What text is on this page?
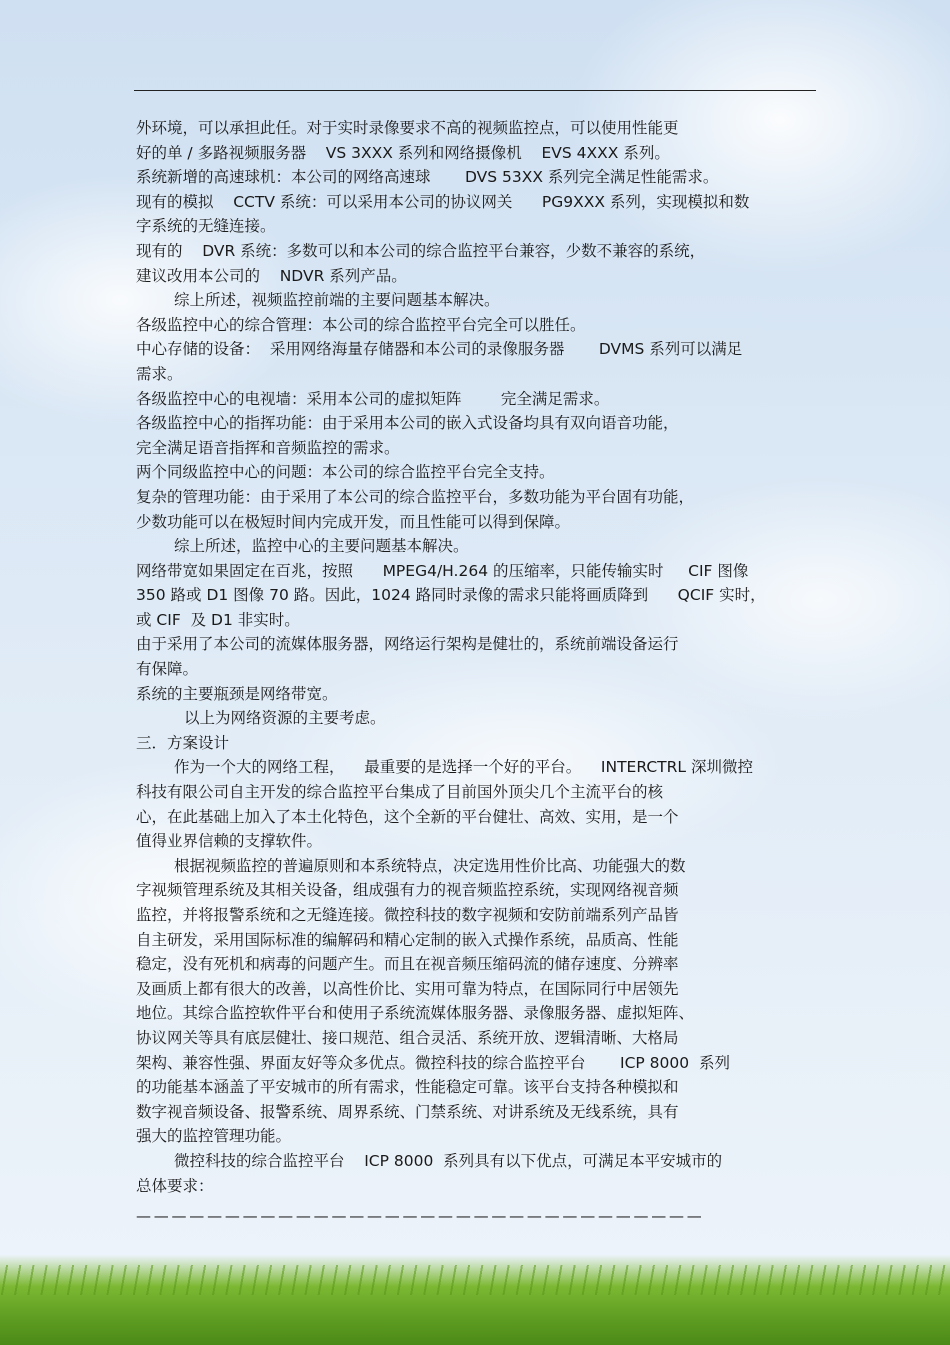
外环境，可以承担此任。对于实时录像要求不高的视频监控点，可以使用性能更

好的单 / 多路视频服务器    VS 3XXX 系列和网络摄像机    EVS 4XXX 系列。

系统新增的高速球机：本公司的网络高速球       DVS 53XX 系列完全满足性能需求。

现有的模拟    CCTV 系统：可以采用本公司的协议网关      PG9XXX 系列，实现模拟和数

字系统的无缝连接。

现有的    DVR 系统：多数可以和本公司的综合监控平台兼容，少数不兼容的系统，

建议改用本公司的    NDVR 系列产品。

综上所述，视频监控前端的主要问题基本解决。

各级监控中心的综合管理：本公司的综合监控平台完全可以胜任。

中心存储的设备：  采用网络海量存储器和本公司的录像服务器       DVMS 系列可以满足

需求。

各级监控中心的电视墙：采用本公司的虚拟矩阵        完全满足需求。

各级监控中心的指挥功能：由于采用本公司的嵌入式设备均具有双向语音功能，

完全满足语音指挥和音频监控的需求。

两个同级监控中心的问题：本公司的综合监控平台完全支持。

复杂的管理功能：由于采用了本公司的综合监控平台，多数功能为平台固有功能，

少数功能可以在极短时间内完成开发，而且性能可以得到保障。

综上所述，监控中心的主要问题基本解决。

网络带宽如果固定在百兆，按照      MPEG4/H.264 的压缩率，只能传输实时     CIF 图像

350 路或 D1 图像 70 路。因此，1024 路同时录像的需求只能将画质降到      QCIF 实时，

或 CIF  及 D1 非实时。

由于采用了本公司的流媒体服务器，网络运行架构是健壮的，系统前端设备运行

有保障。

系统的主要瓶颈是网络带宽。

以上为网络资源的主要考虑。

三．方案设计

作为一个大的网络工程，    最重要的是选择一个好的平台。    INTERCTRL 深圳微控

科技有限公司自主开发的综合监控平台集成了目前国外顶尖几个主流平台的核

心，在此基础上加入了本土化特色，这个全新的平台健壮、高效、实用，是一个

值得业界信赖的支撑软件。

根据视频监控的普遍原则和本系统特点，决定选用性价比高、功能强大的数

字视频管理系统及其相关设备，组成强有力的视音频监控系统，实现网络视音频

监控，并将报警系统和之无缝连接。微控科技的数字视频和安防前端系列产品皆

自主研发，采用国际标准的编解码和精心定制的嵌入式操作系统，品质高、性能

稳定，没有死机和病毒的问题产生。而且在视音频压缩码流的储存速度、分辨率

及画质上都有很大的改善，以高性价比、实用可靠为特点，在国际同行中居领先

地位。其综合监控软件平台和使用子系统流媒体服务器、录像服务器、虚拟矩阵、

协议网关等具有底层健壮、接口规范、组合灵活、系统开放、逻辑清晰、大格局

架构、兼容性强、界面友好等众多优点。微控科技的综合监控平台       ICP 8000  系列

的功能基本涵盖了平安城市的所有需求，性能稳定可靠。该平台支持各种模拟和

数字视音频设备、报警系统、周界系统、门禁系统、对讲系统及无线系统，具有

强大的监控管理功能。

微控科技的综合监控平台    ICP 8000  系列具有以下优点，可满足本平安城市的

总体要求：

— — — — — — — — — — — — — — — — — — — — — — — — — — — — — — — —
